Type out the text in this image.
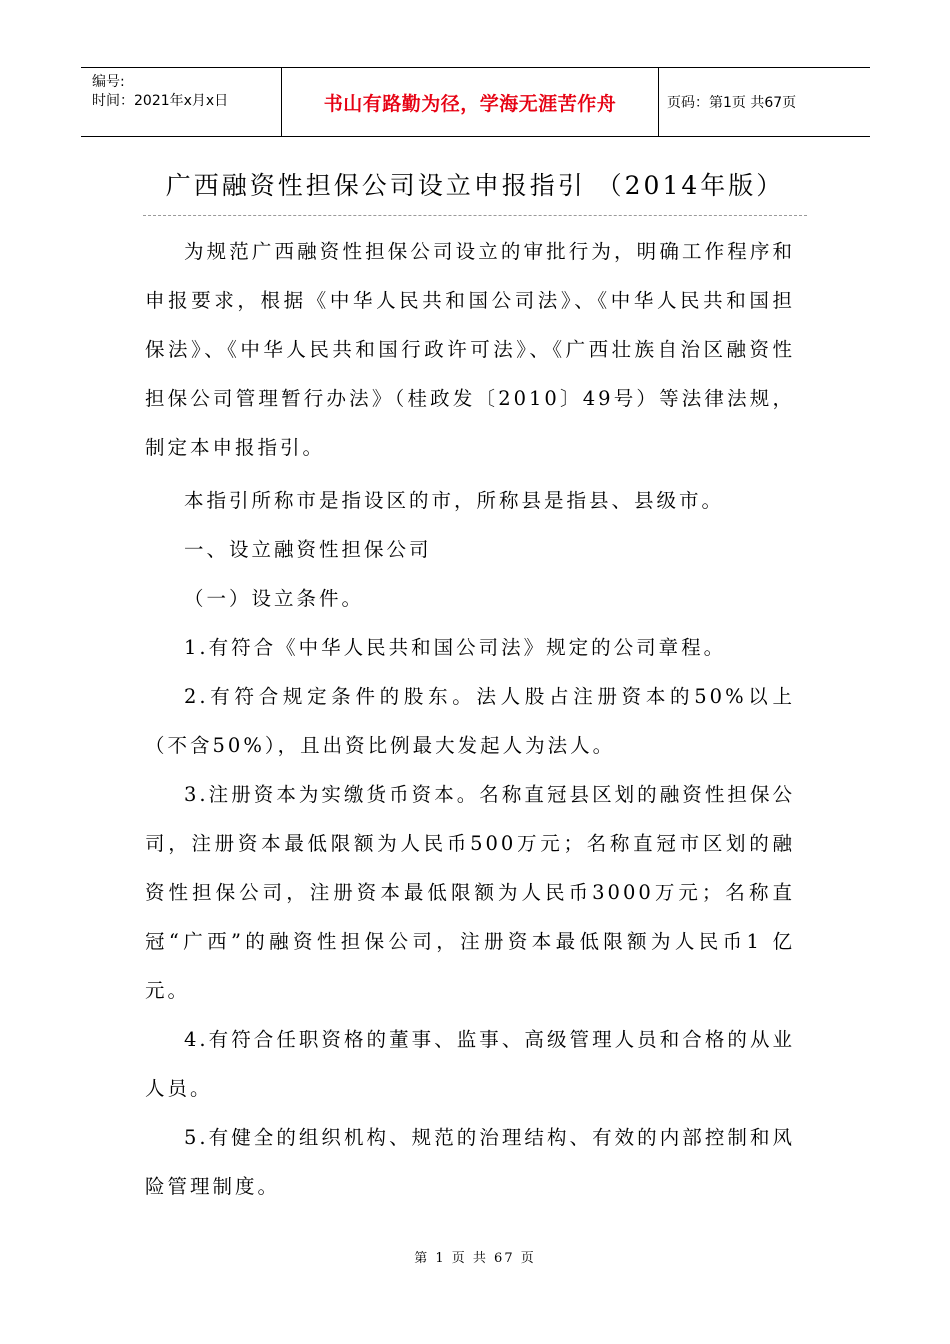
编号:
时间：2021年x月x日	书山有路勤为径，学海无涯苦作舟	页码：第1页 共67页
广西融资性担保公司设立申报指引 （2014年版）

为规范广西融资性担保公司设立的审批行为，明确工作程序和申报要求，根据《中华人民共和国公司法》、《中华人民共和国担保法》、《中华人民共和国行政许可法》、《广西壮族自治区融资性担保公司管理暂行办法》（桂政发〔2010〕49号）等法律法规，制定本申报指引。

本指引所称市是指设区的市，所称县是指县、县级市。

一、设立融资性担保公司

（一）设立条件。

1.有符合《中华人民共和国公司法》规定的公司章程。

2.有符合规定条件的股东。法人股占注册资本的50%以上（不含50%），且出资比例最大发起人为法人。

3.注册资本为实缴货币资本。名称直冠县区划的融资性担保公司，注册资本最低限额为人民币500万元；名称直冠市区划的融资性担保公司，注册资本最低限额为人民币3000万元；名称直冠“广西”的融资性担保公司，注册资本最低限额为人民币1 亿元。

4.有符合任职资格的董事、监事、高级管理人员和合格的从业人员。

5.有健全的组织机构、规范的治理结构、有效的内部控制和风险管理制度。

第 1 页 共 67 页
